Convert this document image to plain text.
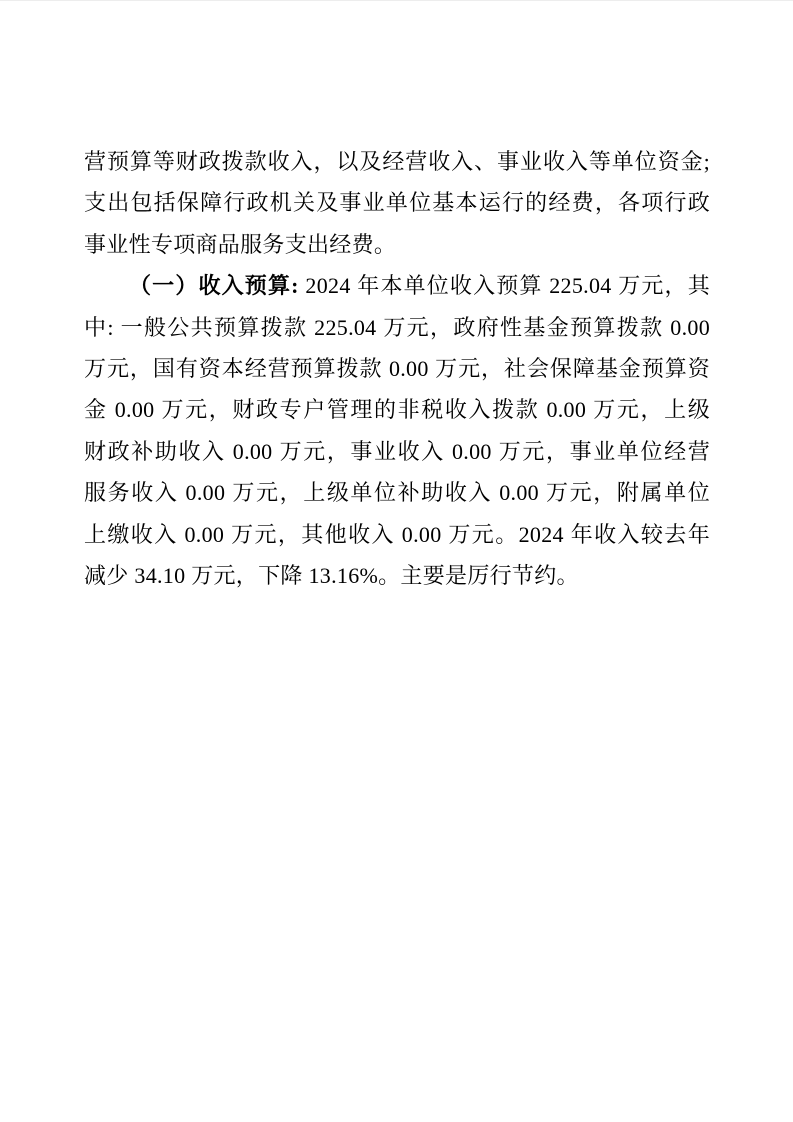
营预算等财政拨款收入，以及经营收入、事业收入等单位资金;
支出包括保障行政机关及事业单位基本运行的经费，各项行政
事业性专项商品服务支出经费。
（一）收入预算: 2024 年本单位收入预算 225.04 万元，其
中: 一般公共预算拨款 225.04 万元，政府性基金预算拨款 0.00
万元，国有资本经营预算拨款 0.00 万元，社会保障基金预算资
金 0.00 万元，财政专户管理的非税收入拨款 0.00 万元，上级
财政补助收入 0.00 万元，事业收入 0.00 万元，事业单位经营
服务收入 0.00 万元，上级单位补助收入 0.00 万元，附属单位
上缴收入 0.00 万元，其他收入 0.00 万元。2024 年收入较去年
减少 34.10 万元，下降 13.16%。主要是厉行节约。
